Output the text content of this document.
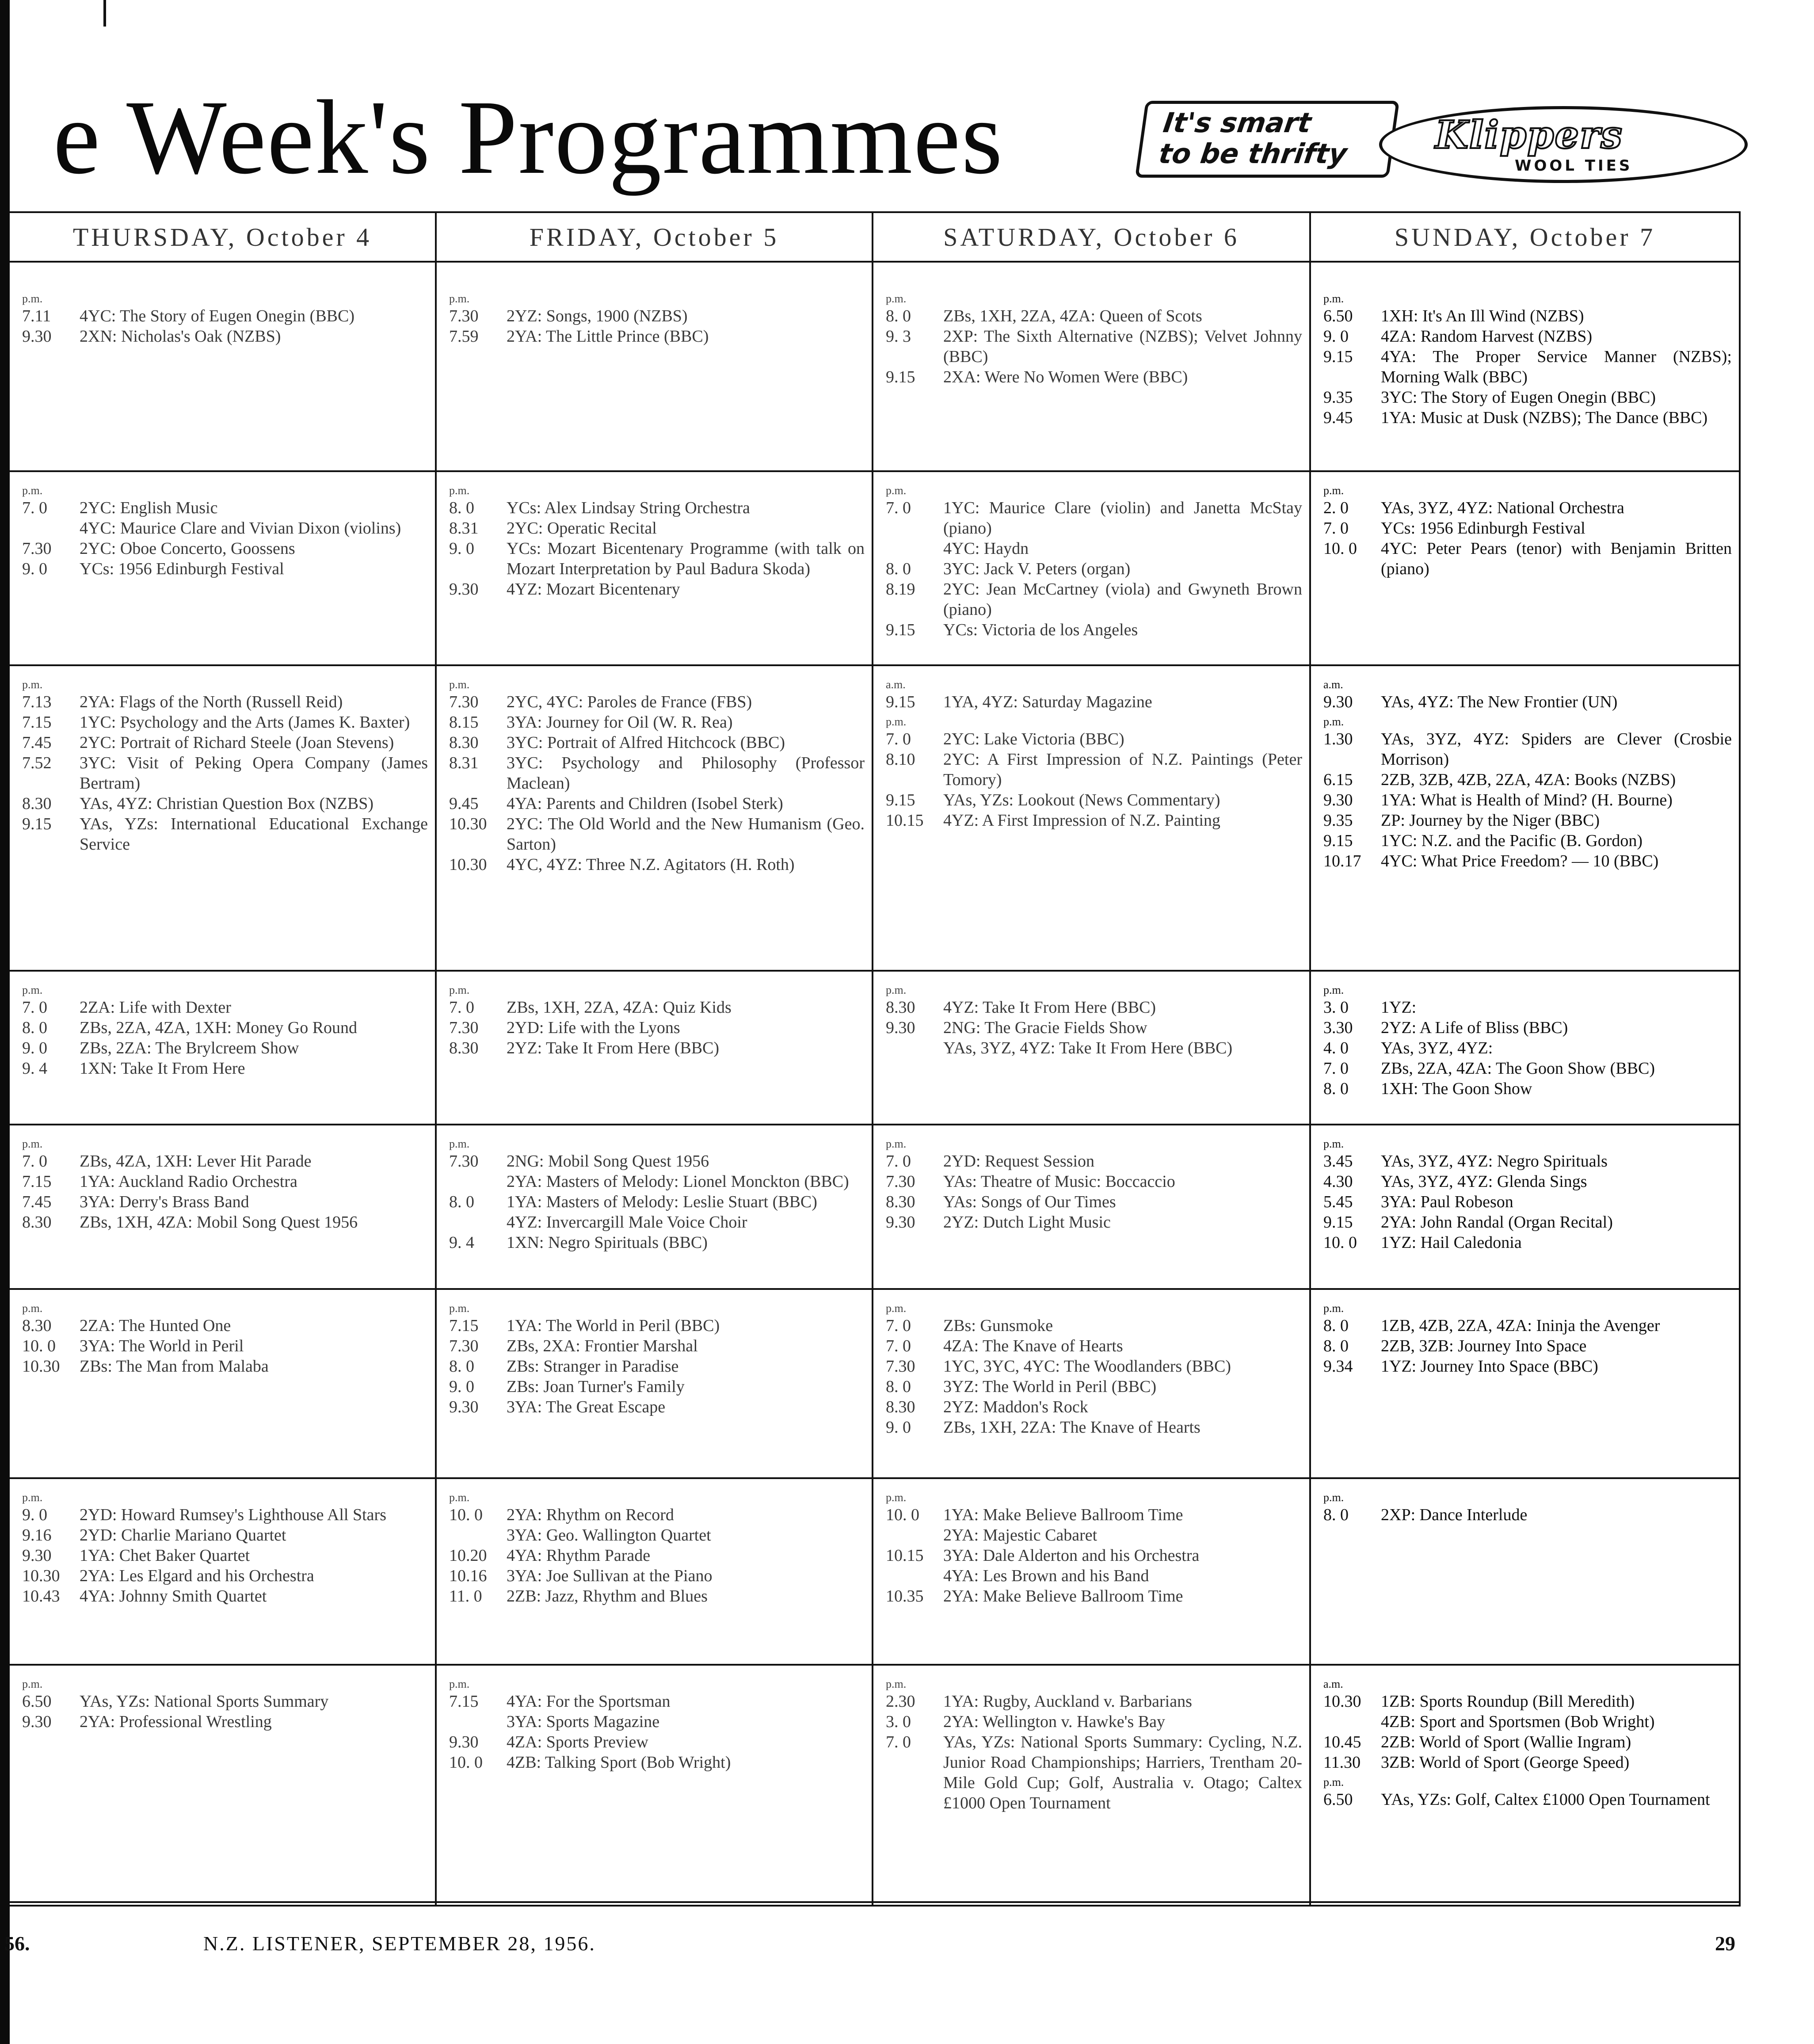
e Week's Programmes	It's smart
to be thrifty	Klippers
WOOL TIES
THURSDAY, October 4	FRIDAY, October 5	SATURDAY, October 6	SUNDAY, October 7
p.m.
7.11	4YC: The Story of Eugen Onegin (BBC)
9.30	2XN: Nicholas's Oak (NZBS)
p.m.
7.30	2YZ: Songs, 1900 (NZBS)
7.59	2YA: The Little Prince (BBC)
p.m.
8. 0	ZBs, 1XH, 2ZA, 4ZA: Queen of Scots
9. 3	2XP: The Sixth Alternative (NZBS); Velvet Johnny (BBC)
9.15	2XA: Were No Women Were (BBC)
p.m.
6.50	1XH: It's An Ill Wind (NZBS)
9. 0	4ZA: Random Harvest (NZBS)
9.15	4YA: The Proper Service Manner (NZBS); Morning Walk (BBC)
9.35	3YC: The Story of Eugen Onegin (BBC)
9.45	1YA: Music at Dusk (NZBS); The Dance (BBC)
p.m.
7. 0	2YC: English Music
4YC: Maurice Clare and Vivian Dixon (violins)
7.30	2YC: Oboe Concerto, Goossens
9. 0	YCs: 1956 Edinburgh Festival
p.m.
8. 0	YCs: Alex Lindsay String Orchestra
8.31	2YC: Operatic Recital
9. 0	YCs: Mozart Bicentenary Programme (with talk on Mozart Interpretation by Paul Badura Skoda)
9.30	4YZ: Mozart Bicentenary
p.m.
7. 0	1YC: Maurice Clare (violin) and Janetta McStay (piano)
4YC: Haydn
8. 0	3YC: Jack V. Peters (organ)
8.19	2YC: Jean McCartney (viola) and Gwyneth Brown (piano)
9.15	YCs: Victoria de los Angeles
p.m.
2. 0	YAs, 3YZ, 4YZ: National Orchestra
7. 0	YCs: 1956 Edinburgh Festival
10. 0	4YC: Peter Pears (tenor) with Benjamin Britten (piano)
p.m.
7.13	2YA: Flags of the North (Russell Reid)
7.15	1YC: Psychology and the Arts (James K. Baxter)
7.45	2YC: Portrait of Richard Steele (Joan Stevens)
7.52	3YC: Visit of Peking Opera Company (James Bertram)
8.30	YAs, 4YZ: Christian Question Box (NZBS)
9.15	YAs, YZs: International Educational Exchange Service
p.m.
7.30	2YC, 4YC: Paroles de France (FBS)
8.15	3YA: Journey for Oil (W. R. Rea)
8.30	3YC: Portrait of Alfred Hitchcock (BBC)
8.31	3YC: Psychology and Philosophy (Professor Maclean)
9.45	4YA: Parents and Children (Isobel Sterk)
10.30	2YC: The Old World and the New Humanism (Geo. Sarton)
10.30	4YC, 4YZ: Three N.Z. Agitators (H. Roth)
a.m.
9.15	1YA, 4YZ: Saturday Magazine
p.m.
7. 0	2YC: Lake Victoria (BBC)
8.10	2YC: A First Impression of N.Z. Paintings (Peter Tomory)
9.15	YAs, YZs: Lookout (News Commentary)
10.15	4YZ: A First Impression of N.Z. Painting
a.m.
9.30	YAs, 4YZ: The New Frontier (UN)
p.m.
1.30	YAs, 3YZ, 4YZ: Spiders are Clever (Crosbie Morrison)
6.15	2ZB, 3ZB, 4ZB, 2ZA, 4ZA: Books (NZBS)
9.30	1YA: What is Health of Mind? (H. Bourne)
9.35	ZP: Journey by the Niger (BBC)
9.15	1YC: N.Z. and the Pacific (B. Gordon)
10.17	4YC: What Price Freedom? — 10 (BBC)
p.m.
7. 0	2ZA: Life with Dexter
8. 0	ZBs, 2ZA, 4ZA, 1XH: Money Go Round
9. 0	ZBs, 2ZA: The Brylcreem Show
9. 4	1XN: Take It From Here
p.m.
7. 0	ZBs, 1XH, 2ZA, 4ZA: Quiz Kids
7.30	2YD: Life with the Lyons
8.30	2YZ: Take It From Here (BBC)
p.m.
8.30	4YZ: Take It From Here (BBC)
9.30	2NG: The Gracie Fields Show
YAs, 3YZ, 4YZ: Take It From Here (BBC)
p.m.
3. 0	1YZ:
3.30	2YZ: A Life of Bliss (BBC)
4. 0	YAs, 3YZ, 4YZ:
7. 0	ZBs, 2ZA, 4ZA: The Goon Show (BBC)
8. 0	1XH: The Goon Show
p.m.
7. 0	ZBs, 4ZA, 1XH: Lever Hit Parade
7.15	1YA: Auckland Radio Orchestra
7.45	3YA: Derry's Brass Band
8.30	ZBs, 1XH, 4ZA: Mobil Song Quest 1956
p.m.
7.30	2NG: Mobil Song Quest 1956
2YA: Masters of Melody: Lionel Monckton (BBC)
8. 0	1YA: Masters of Melody: Leslie Stuart (BBC)
4YZ: Invercargill Male Voice Choir
9. 4	1XN: Negro Spirituals (BBC)
p.m.
7. 0	2YD: Request Session
7.30	YAs: Theatre of Music: Boccaccio
8.30	YAs: Songs of Our Times
9.30	2YZ: Dutch Light Music
p.m.
3.45	YAs, 3YZ, 4YZ: Negro Spirituals
4.30	YAs, 3YZ, 4YZ: Glenda Sings
5.45	3YA: Paul Robeson
9.15	2YA: John Randal (Organ Recital)
10. 0	1YZ: Hail Caledonia
p.m.
8.30	2ZA: The Hunted One
10. 0	3YA: The World in Peril
10.30	ZBs: The Man from Malaba
p.m.
7.15	1YA: The World in Peril (BBC)
7.30	ZBs, 2XA: Frontier Marshal
8. 0	ZBs: Stranger in Paradise
9. 0	ZBs: Joan Turner's Family
9.30	3YA: The Great Escape
p.m.
7. 0	ZBs: Gunsmoke
7. 0	4ZA: The Knave of Hearts
7.30	1YC, 3YC, 4YC: The Woodlanders (BBC)
8. 0	3YZ: The World in Peril (BBC)
8.30	2YZ: Maddon's Rock
9. 0	ZBs, 1XH, 2ZA: The Knave of Hearts
p.m.
8. 0	1ZB, 4ZB, 2ZA, 4ZA: Ininja the Avenger
8. 0	2ZB, 3ZB: Journey Into Space
9.34	1YZ: Journey Into Space (BBC)
p.m.
9. 0	2YD: Howard Rumsey's Lighthouse All Stars
9.16	2YD: Charlie Mariano Quartet
9.30	1YA: Chet Baker Quartet
10.30	2YA: Les Elgard and his Orchestra
10.43	4YA: Johnny Smith Quartet
p.m.
10. 0	2YA: Rhythm on Record
3YA: Geo. Wallington Quartet
10.20	4YA: Rhythm Parade
10.16	3YA: Joe Sullivan at the Piano
11. 0	2ZB: Jazz, Rhythm and Blues
p.m.
10. 0	1YA: Make Believe Ballroom Time
2YA: Majestic Cabaret
10.15	3YA: Dale Alderton and his Orchestra
4YA: Les Brown and his Band
10.35	2YA: Make Believe Ballroom Time
p.m.
8. 0	2XP: Dance Interlude
p.m.
6.50	YAs, YZs: National Sports Summary
9.30	2YA: Professional Wrestling
p.m.
7.15	4YA: For the Sportsman
3YA: Sports Magazine
9.30	4ZA: Sports Preview
10. 0	4ZB: Talking Sport (Bob Wright)
p.m.
2.30	1YA: Rugby, Auckland v. Barbarians
3. 0	2YA: Wellington v. Hawke's Bay
7. 0	YAs, YZs: National Sports Summary: Cycling, N.Z. Junior Road Championships; Harriers, Trentham 20-Mile Gold Cup; Golf, Australia v. Otago; Caltex £1000 Open Tournament
a.m.
10.30	1ZB: Sports Roundup (Bill Meredith)
4ZB: Sport and Sportsmen (Bob Wright)
10.45	2ZB: World of Sport (Wallie Ingram)
11.30	3ZB: World of Sport (George Speed)
p.m.
6.50	YAs, YZs: Golf, Caltex £1000 Open Tournament
56.	N.Z. LISTENER, SEPTEMBER 28, 1956.	29
